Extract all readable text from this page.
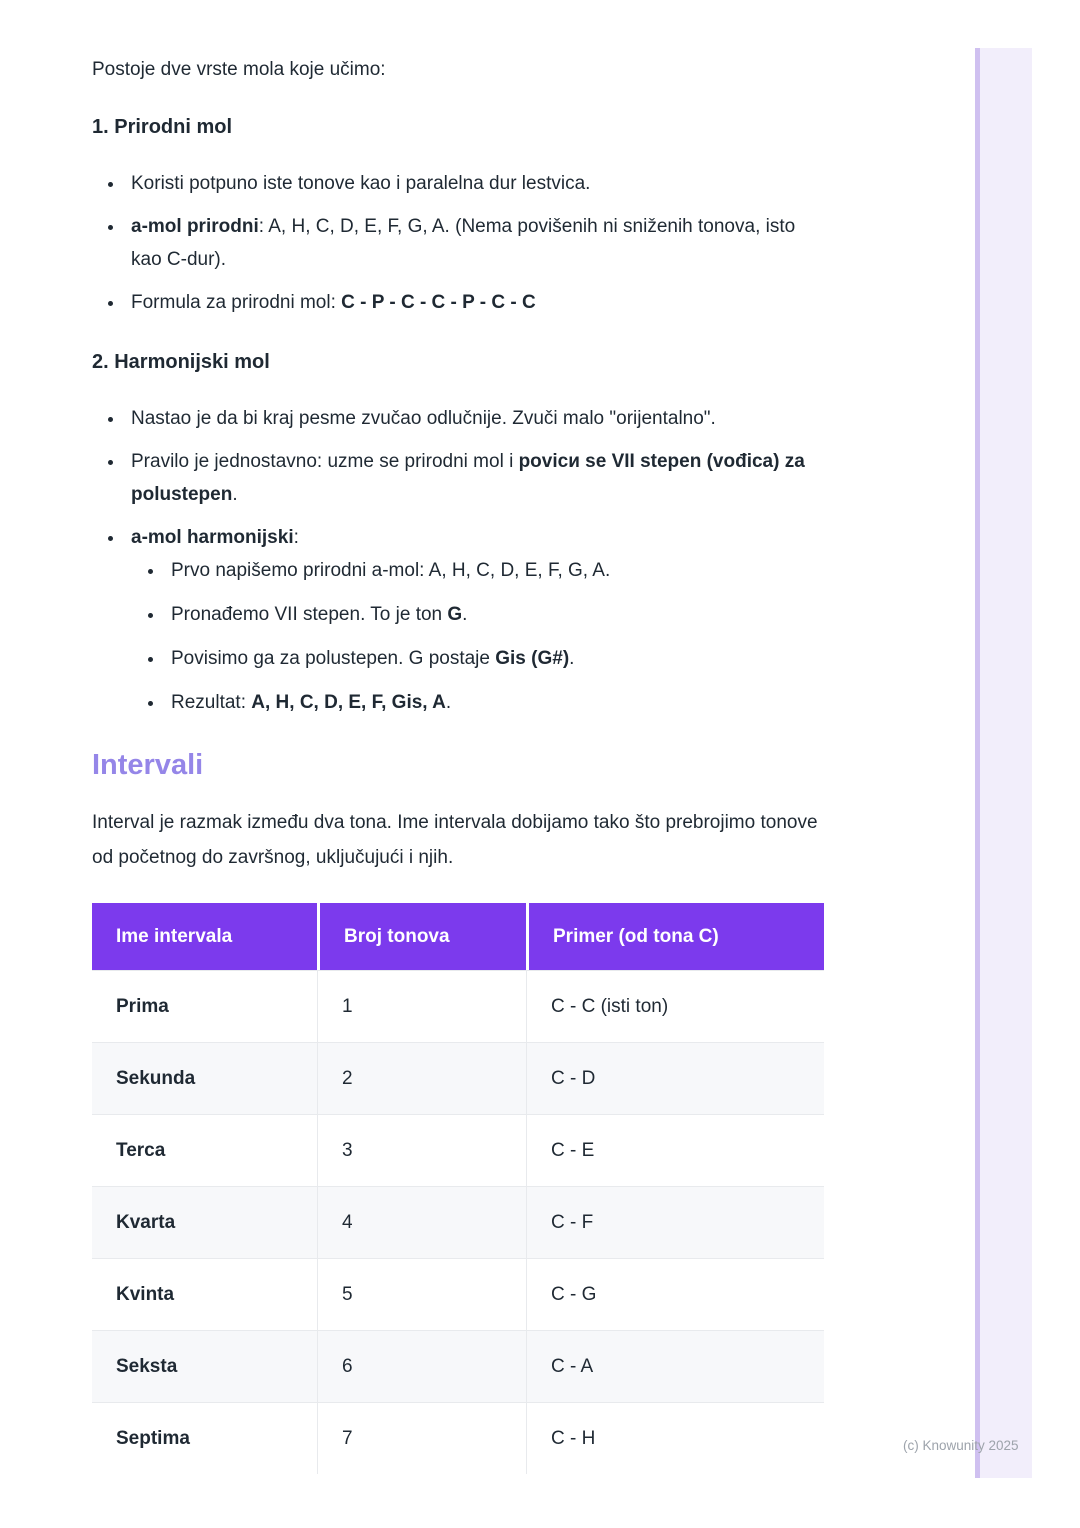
(c) Knowunity 2025

Postoje dve vrste mola koje učimo:

1. Prirodni mol
• Koristi potpuno iste tonove kao i paralelna dur lestvica.
• a-mol prirodni: A, H, C, D, E, F, G, A. (Nema povišenih ni sniženih tonova, isto kao C-dur).
• Formula za prirodni mol: C - P - C - C - P - C - C
2. Harmonijski mol
• Nastao je da bi kraj pesme zvučao odlučnije. Zvuči malo "orijentalno".
• Pravilo je jednostavno: uzme se prirodni mol i povicи se VII stepen (vođica) za polustepen.
• a-mol harmonijski:
• Prvo napišemo prirodni a-mol: A, H, C, D, E, F, G, A.
• Pronađemo VII stepen. To je ton G.
• Povisimo ga za polustepen. G postaje Gis (G#).
• Rezultat: A, H, C, D, E, F, Gis, A.
Intervali

Interval je razmak između dva tona. Ime intervala dobijamo tako što prebrojimo tonove od početnog do završnog, uključujući i njih.

Ime intervala	Broj tonova	Primer (od tona C)
Prima	1	C - C (isti ton)
Sekunda	2	C - D
Terca	3	C - E
Kvarta	4	C - F
Kvinta	5	C - G
Seksta	6	C - A
Septima	7	C - H
